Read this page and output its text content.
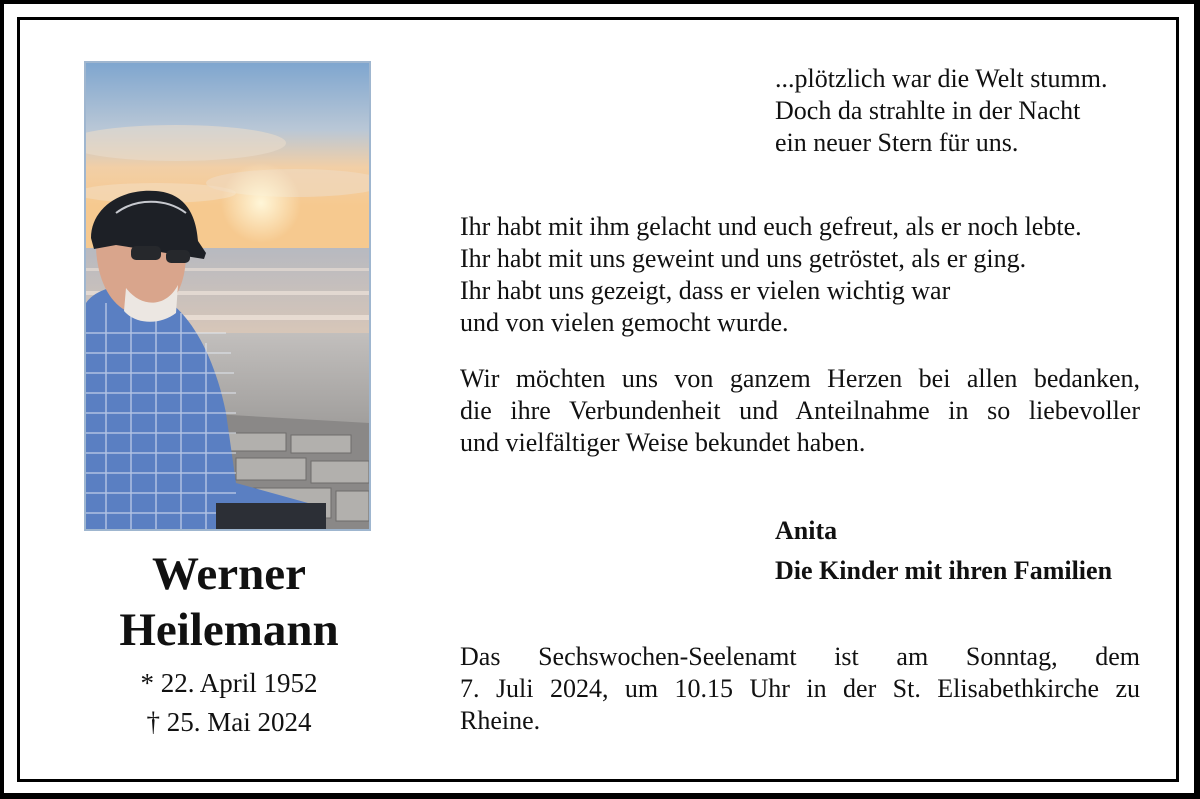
Werner
Heilemann
* 22. April 1952
† 25. Mai 2024
...plötzlich war die Welt stumm.
Doch da strahlte in der Nacht
ein neuer Stern für uns.
Ihr habt mit ihm gelacht und euch gefreut, als er noch lebte.
Ihr habt mit uns geweint und uns getröstet, als er ging.
Ihr habt uns gezeigt, dass er vielen wichtig war
und von vielen gemocht wurde.
Wir möchten uns von ganzem Herzen bei allen bedanken,
die ihre Verbundenheit und Anteilnahme in so liebevoller
und vielfältiger Weise bekundet haben.
Anita
Die Kinder mit ihren Familien
Das Sechswochen-Seelenamt ist am Sonntag, dem
7. Juli 2024, um 10.15 Uhr in der St. Elisabethkirche zu
Rheine.
